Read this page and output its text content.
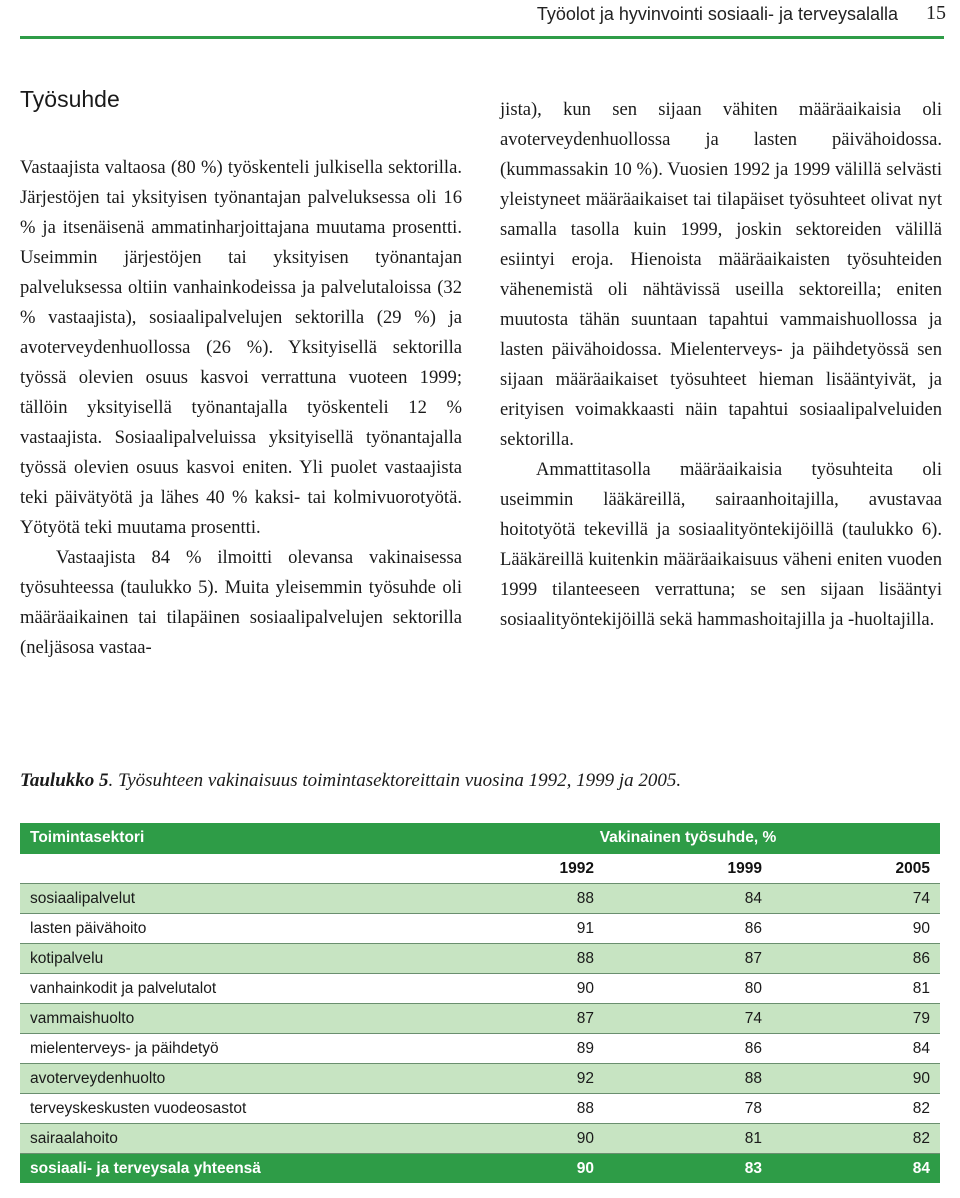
Työolot ja hyvinvointi sosiaali- ja terveysalalla 15
Työsuhde

Vastaajista valtaosa (80 %) työskenteli julkisella sektorilla. Järjestöjen tai yksityisen työnantajan palveluksessa oli 16 % ja itsenäisenä ammatinharjoittajana muutama prosentti. Useimmin järjestöjen tai yksityisen työnantajan palveluksessa oltiin vanhainkodeissa ja palvelutaloissa (32 % vastaajista), sosiaalipalvelujen sektorilla (29 %) ja avoterveydenhuollossa (26 %). Yksityisellä sektorilla työssä olevien osuus kasvoi verrattuna vuoteen 1999; tällöin yksityisellä työnantajalla työskenteli 12 % vastaajista. Sosiaalipalveluissa yksityisellä työnantajalla työssä olevien osuus kasvoi eniten. Yli puolet vastaajista teki päivätyötä ja lähes 40 % kaksi- tai kolmivuorotyötä. Yötyötä teki muutama prosentti.

Vastaajista 84 % ilmoitti olevansa vakinaisessa työsuhteessa (taulukko 5). Muita yleisemmin työsuhde oli määräaikainen tai tilapäinen sosiaalipalvelujen sektorilla (neljäsosa vastaa-

jista), kun sen sijaan vähiten määräaikaisia oli avoterveydenhuollossa ja lasten päivähoidossa. (kummassakin 10 %). Vuosien 1992 ja 1999 välillä selvästi yleistyneet määräaikaiset tai tilapäiset työsuhteet olivat nyt samalla tasolla kuin 1999, joskin sektoreiden välillä esiintyi eroja. Hienoista määräaikaisten työsuhteiden vähenemistä oli nähtävissä useilla sektoreilla; eniten muutosta tähän suuntaan tapahtui vammaishuollossa ja lasten päivähoidossa. Mielenterveys- ja päihdetyössä sen sijaan määräaikaiset työsuhteet hieman lisääntyivät, ja erityisen voimakkaasti näin tapahtui sosiaalipalveluiden sektorilla.

Ammattitasolla määräaikaisia työsuhteita oli useimmin lääkäreillä, sairaanhoitajilla, avustavaa hoitotyötä tekevillä ja sosiaalityöntekijöillä (taulukko 6). Lääkäreillä kuitenkin määräaikaisuus väheni eniten vuoden 1999 tilanteeseen verrattuna; se sen sijaan lisääntyi sosiaalityöntekijöillä sekä hammashoitajilla ja -huoltajilla.

Taulukko 5. Työsuhteen vakinaisuus toimintasektoreittain vuosina 1992, 1999 ja 2005.
Toimintasektori	Vakinainen työsuhde, %		
	1992	1999	2005
sosiaalipalvelut	88	84	74
lasten päivähoito	91	86	90
kotipalvelu	88	87	86
vanhainkodit ja palvelutalot	90	80	81
vammaishuolto	87	74	79
mielenterveys- ja päihdetyö	89	86	84
avoterveydenhuolto	92	88	90
terveyskeskusten vuodeosastot	88	78	82
sairaalahoito	90	81	82
sosiaali- ja terveysala yhteensä	90	83	84
